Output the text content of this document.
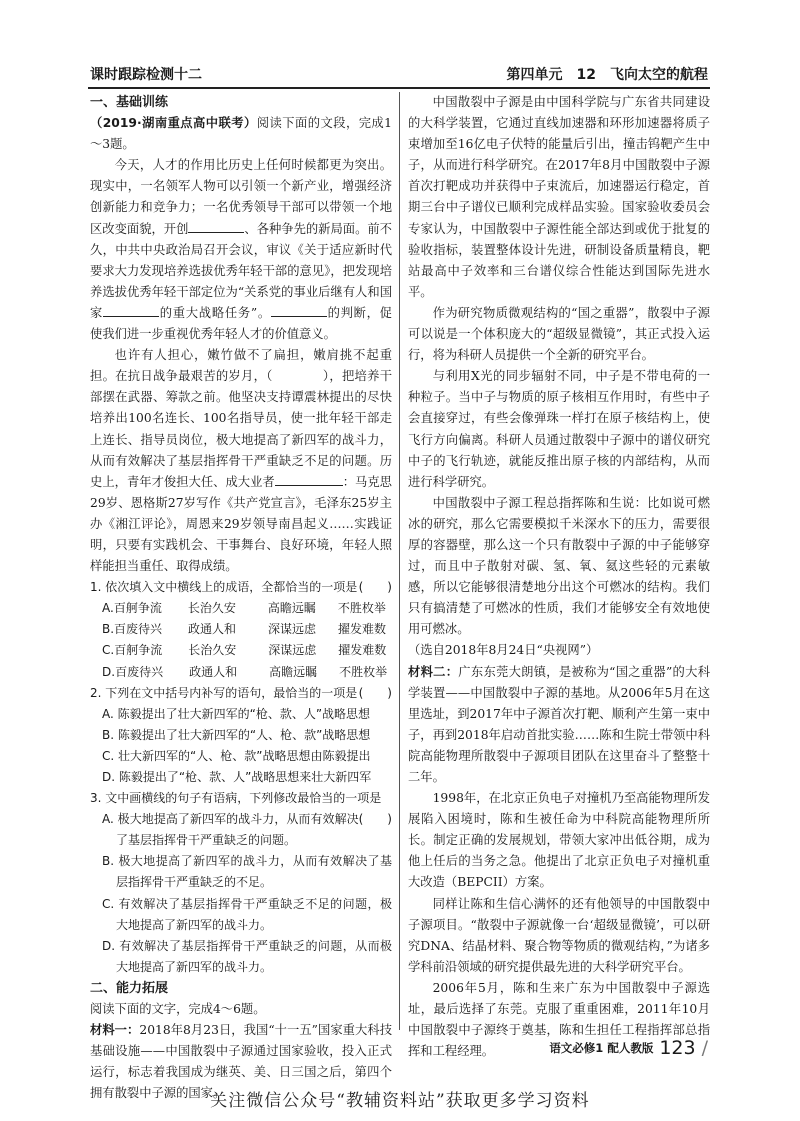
课时跟踪检测十二	第四单元　12　飞向太空的航程

一、基础训练

（2019·湖南重点高中联考）阅读下面的文段，完成1～3题。

今天，人才的作用比历史上任何时候都更为突出。现实中，一名领军人物可以引领一个新产业，增强经济创新能力和竞争力；一名优秀领导干部可以带领一个地区改变面貌，开创	、各种争先的新局面。前不久，中共中央政治局召开会议，审议《关于适应新时代要求大力发现培养选拔优秀年轻干部的意见》，把发现培养选拔优秀年轻干部定位为“关系党的事业后继有人和国家	的重大战略任务”。	的判断，促使我们进一步重视优秀年轻人才的价值意义。

也许有人担心，嫩竹做不了扁担，嫩肩挑不起重担。在抗日战争最艰苦的岁月，（　　　　），把培养干部摆在武器、筹款之前。他坚决支持谭震林提出的尽快培养出100名连长、100名指导员，使一批年轻干部走上连长、指导员岗位，极大地提高了新四军的战斗力，从而有效解决了基层指挥骨干严重缺乏不足的问题。历史上，青年才俊担大任、成大业者	：马克思29岁、恩格斯27岁写作《共产党宣言》，毛泽东25岁主办《湘江评论》，周恩来29岁领导南昌起义……实践证明，只要有实践机会、干事舞台、良好环境，年轻人照样能担当重任、取得成绩。

1. 依次填入文中横线上的成语，全都恰当的一项是 (　　)
A. 百舸争流	长治久安	高瞻远瞩	不胜枚举
B. 百废待兴	政通人和	深谋远虑	擢发难数
C. 百舸争流	长治久安	深谋远虑	擢发难数
D. 百废待兴	政通人和	高瞻远瞩	不胜枚举
2. 下列在文中括号内补写的语句，最恰当的一项是 (　　)
A. 陈毅提出了壮大新四军的“枪、款、人”战略思想
B. 陈毅提出了壮大新四军的“人、枪、款”战略思想
C. 壮大新四军的“人、枪、款”战略思想由陈毅提出
D. 陈毅提出了“枪、款、人”战略思想来壮大新四军
3. 文中画横线的句子有语病，下列修改最恰当的一项是
(　　)
A. 极大地提高了新四军的战斗力，从而有效解决了基层指挥骨干严重缺乏的问题。
B. 极大地提高了新四军的战斗力，从而有效解决了基层指挥骨干严重缺乏的不足。
C. 有效解决了基层指挥骨干严重缺乏不足的问题，极大地提高了新四军的战斗力。
D. 有效解决了基层指挥骨干严重缺乏的问题，从而极大地提高了新四军的战斗力。

二、能力拓展

阅读下面的文字，完成4～6题。

材料一：2018年8月23日，我国“十一五”国家重大科技基础设施——中国散裂中子源通过国家验收，投入正式运行，标志着我国成为继英、美、日三国之后，第四个拥有散裂中子源的国家。

中国散裂中子源是由中国科学院与广东省共同建设的大科学装置，它通过直线加速器和环形加速器将质子束增加至16亿电子伏特的能量后引出，撞击钨靶产生中子，从而进行科学研究。在2017年8月中国散裂中子源首次打靶成功并获得中子束流后，加速器运行稳定，首期三台中子谱仪已顺利完成样品实验。国家验收委员会专家认为，中国散裂中子源性能全部达到或优于批复的验收指标，装置整体设计先进，研制设备质量精良，靶站最高中子效率和三台谱仪综合性能达到国际先进水平。

作为研究物质微观结构的“国之重器”，散裂中子源可以说是一个体积庞大的“超级显微镜”，其正式投入运行，将为科研人员提供一个全新的研究平台。

与利用X光的同步辐射不同，中子是不带电荷的一种粒子。当中子与物质的原子核相互作用时，有些中子会直接穿过，有些会像弹珠一样打在原子核结构上，使飞行方向偏离。科研人员通过散裂中子源中的谱仪研究中子的飞行轨迹，就能反推出原子核的内部结构，从而进行科学研究。

中国散裂中子源工程总指挥陈和生说：比如说可燃冰的研究，那么它需要模拟千米深水下的压力，需要很厚的容器壁，那么这一个只有散裂中子源的中子能够穿过，而且中子散射对碳、氢、氧、氦这些轻的元素敏感，所以它能够很清楚地分出这个可燃冰的结构。我们只有搞清楚了可燃冰的性质，我们才能够安全有效地使用可燃冰。

（选自2018年8月24日“央视网”）

材料二：广东东莞大朗镇，是被称为“国之重器”的大科学装置——中国散裂中子源的基地。从2006年5月在这里选址，到2017年中子源首次打靶、顺利产生第一束中子，再到2018年启动首批实验……陈和生院士带领中科院高能物理所散裂中子源项目团队在这里奋斗了整整十二年。

1998年，在北京正负电子对撞机乃至高能物理所发展陷入困境时，陈和生被任命为中科院高能物理所所长。制定正确的发展规划，带领大家冲出低谷期，成为他上任后的当务之急。他提出了北京正负电子对撞机重大改造（BEPCII）方案。

同样让陈和生信心满怀的还有他领导的中国散裂中子源项目。“散裂中子源就像一台‘超级显微镜’，可以研究DNA、结晶材料、聚合物等物质的微观结构，”为诸多学科前沿领域的研究提供最先进的大科学研究平台。

2006年5月，陈和生来广东为中国散裂中子源选址，最后选择了东莞。克服了重重困难，2011年10月中国散裂中子源终于奠基，陈和生担任工程指挥部总指挥和工程经理。	语文必修1 配人教版 123 /
关注微信公众号“教辅资料站”获取更多学习资料
